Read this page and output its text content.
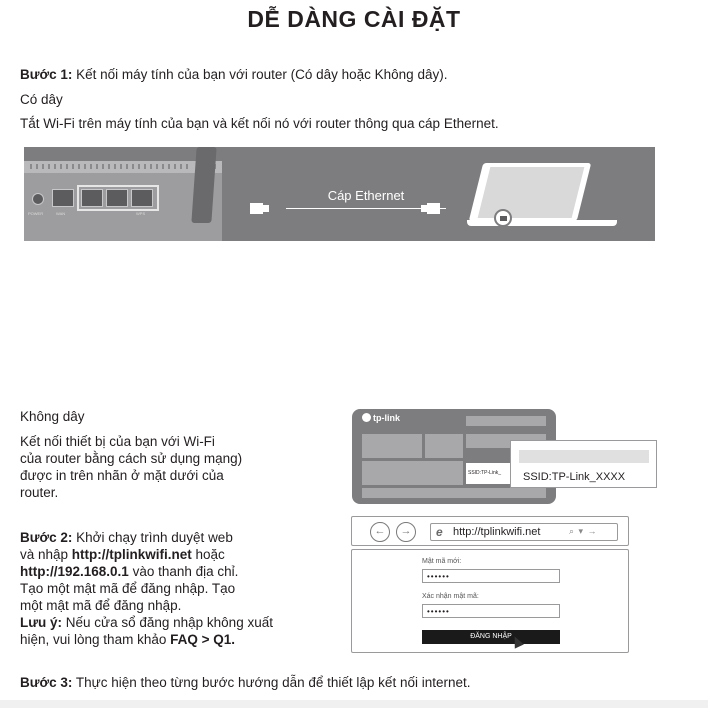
DỄ DÀNG CÀI ĐẶT
Bước 1: Kết nối máy tính của bạn với router (Có dây hoặc Không dây).
Có dây
Tắt Wi-Fi trên máy tính của bạn và kết nối nó với router thông qua cáp Ethernet.
POWER	WAN	WPS
Cáp Ethernet
Không dây
Kết nối thiết bị của bạn với Wi-Fi
của router bằng cách sử dụng mạng)
được in trên nhãn ở mặt dưới của
router.
Bước 2: Khởi chạy trình duyệt web
và nhập http://tplinkwifi.net hoặc
http://192.168.0.1 vào thanh địa chỉ.
Tạo một mật mã để đăng nhập. Tạo
một mật mã để đăng nhập.
Lưu ý: Nếu cửa sổ đăng nhập không xuất
hiện, vui lòng tham khảo FAQ > Q1.
tp-link
SSID:TP-Link_	SSID:TP-Link_XXXX
←	→	e http://tplinkwifi.net	⌕ ▾ →
Mật mã mới:
••••••
Xác nhận mật mã:
••••••
ĐĂNG NHẬP
Bước 3: Thực hiện theo từng bước hướng dẫn để thiết lập kết nối internet.
